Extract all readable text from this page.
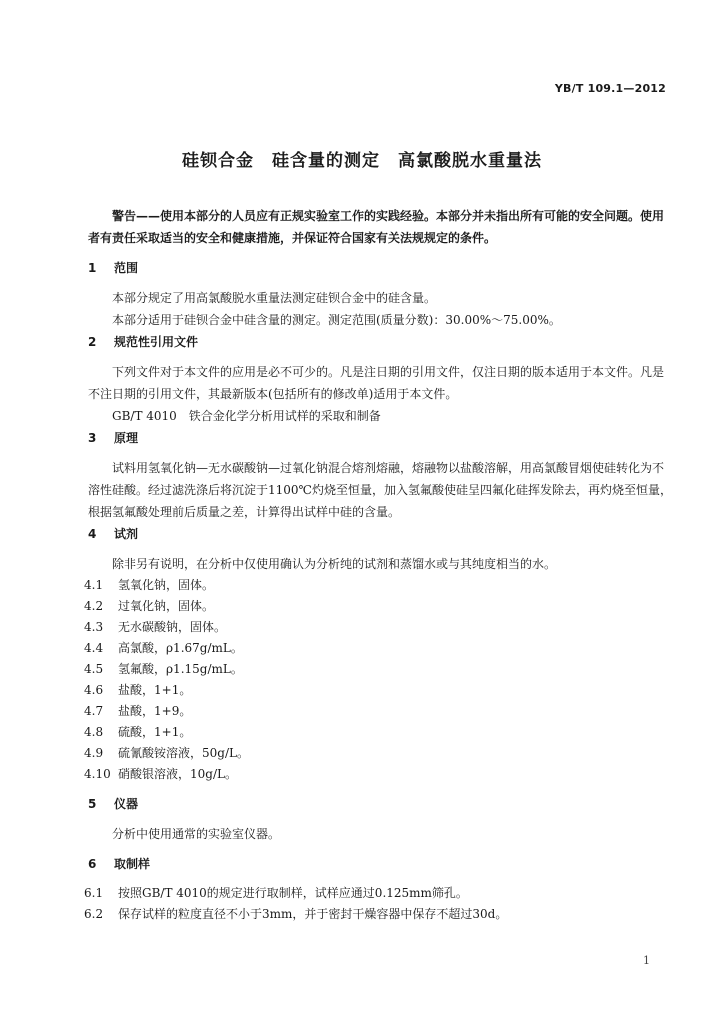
YB/T 109.1—2012
硅钡合金　硅含量的测定　高氯酸脱水重量法

警告——使用本部分的人员应有正规实验室工作的实践经验。本部分并未指出所有可能的安全问题。使用者有责任采取适当的安全和健康措施，并保证符合国家有关法规规定的条件。

1 范围

本部分规定了用高氯酸脱水重量法测定硅钡合金中的硅含量。

本部分适用于硅钡合金中硅含量的测定。测定范围(质量分数)：30.00%～75.00%。

2 规范性引用文件

下列文件对于本文件的应用是必不可少的。凡是注日期的引用文件，仅注日期的版本适用于本文件。凡是不注日期的引用文件，其最新版本(包括所有的修改单)适用于本文件。

GB/T 4010　铁合金化学分析用试样的采取和制备

3 原理

试料用氢氧化钠—无水碳酸钠—过氧化钠混合熔剂熔融，熔融物以盐酸溶解，用高氯酸冒烟使硅转化为不溶性硅酸。经过滤洗涤后将沉淀于1100℃灼烧至恒量，加入氢氟酸使硅呈四氟化硅挥发除去，再灼烧至恒量，根据氢氟酸处理前后质量之差，计算得出试样中硅的含量。

4 试剂

除非另有说明，在分析中仅使用确认为分析纯的试剂和蒸馏水或与其纯度相当的水。

4.1 氢氧化钠，固体。

4.2 过氧化钠，固体。

4.3 无水碳酸钠，固体。

4.4 高氯酸，ρ1.67g/mL。

4.5 氢氟酸，ρ1.15g/mL。

4.6 盐酸，1+1。

4.7 盐酸，1+9。

4.8 硫酸，1+1。

4.9 硫氰酸铵溶液，50g/L。

4.10 硝酸银溶液，10g/L。

5 仪器

分析中使用通常的实验室仪器。

6 取制样

6.1 按照GB/T 4010的规定进行取制样，试样应通过0.125mm筛孔。

6.2 保存试样的粒度直径不小于3mm，并于密封干燥容器中保存不超过30d。

1
